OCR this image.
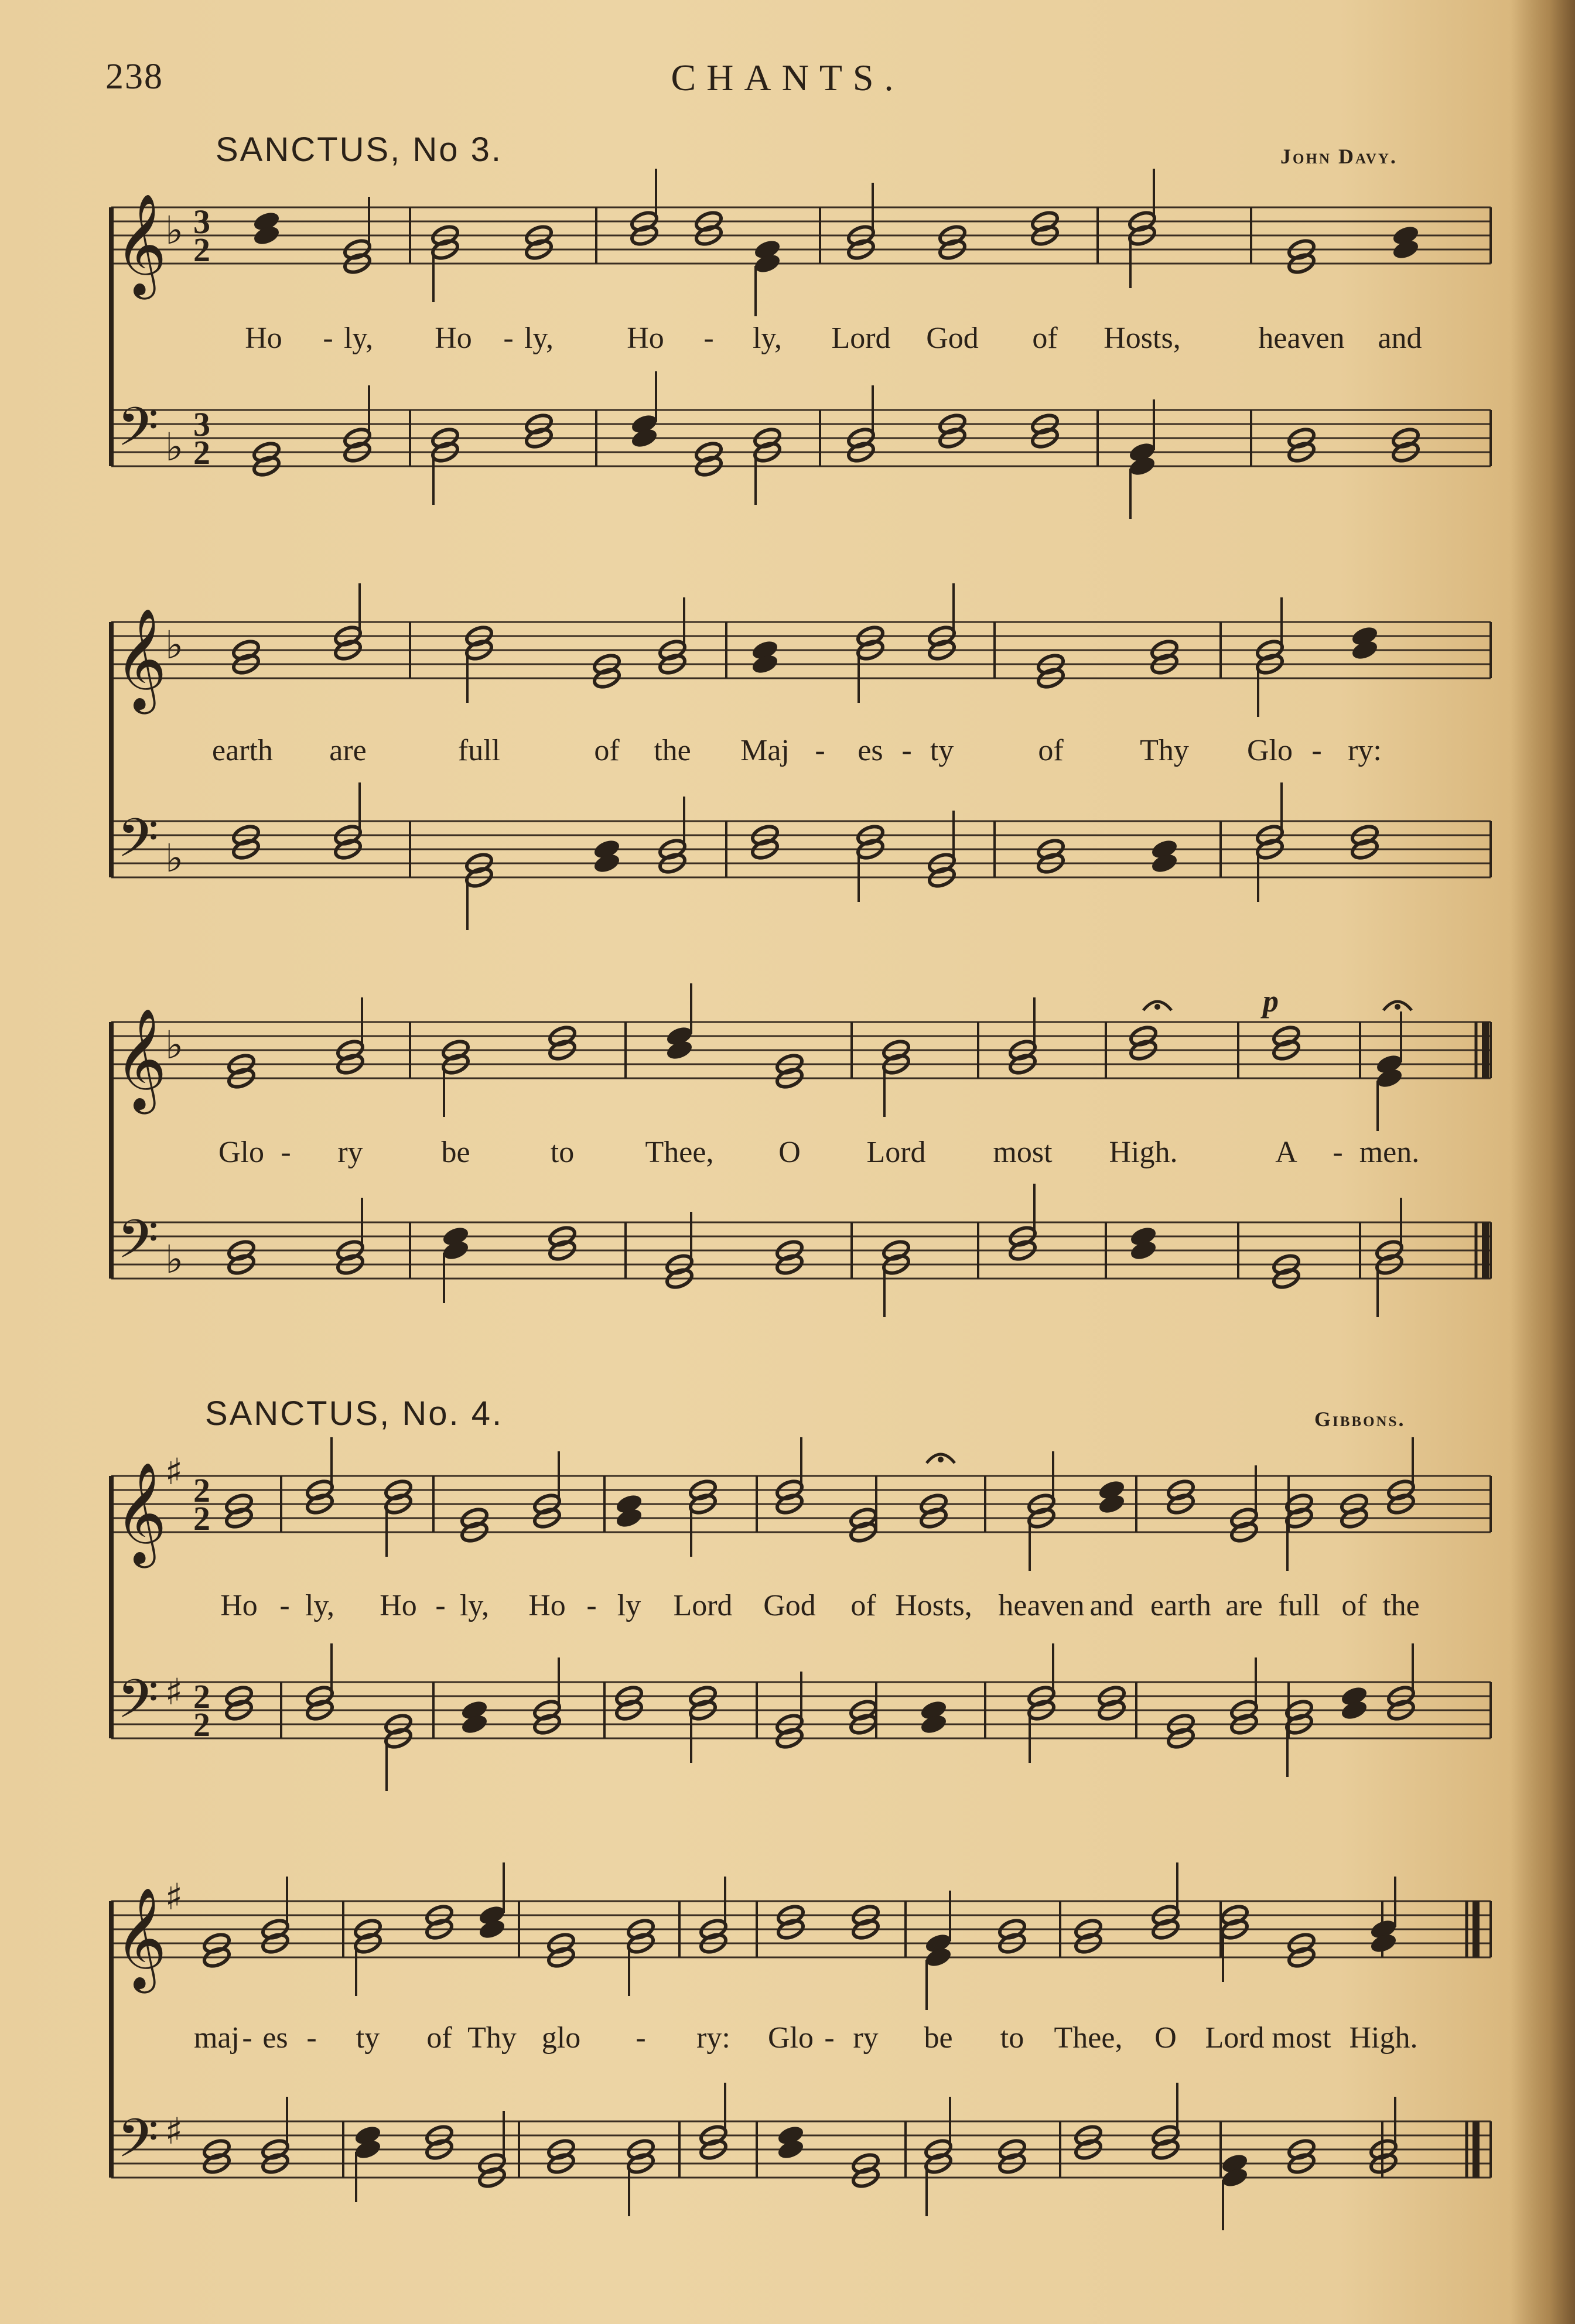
238	CHANTS.
SANCTUS, No 3.	John Davy.
SANCTUS, No. 4.	Gibbons.
𝄞
𝄢
♭
♭
3
2
3
2
𝄞
𝄢
♭
♭
𝄞
𝄢
♭
♭
p
𝄞
𝄢
♯
♯
2
2
2
2
𝄞
𝄢
♯
♯
Ho - ly, Ho - ly, Ho - ly, Lord God of Hosts,	heaven and
earth are	full	of the Maj - es - ty	of	Thy Glo - ry:
Glo - ry	be	to Thee, O Lord most High.	A - men.
Ho - ly, Ho - ly, Ho - ly Lord God of Hosts, heaven and earth are full of the
maj - es - ty of Thy glo - ry: Glo - ry be to Thee, O Lord most High.
